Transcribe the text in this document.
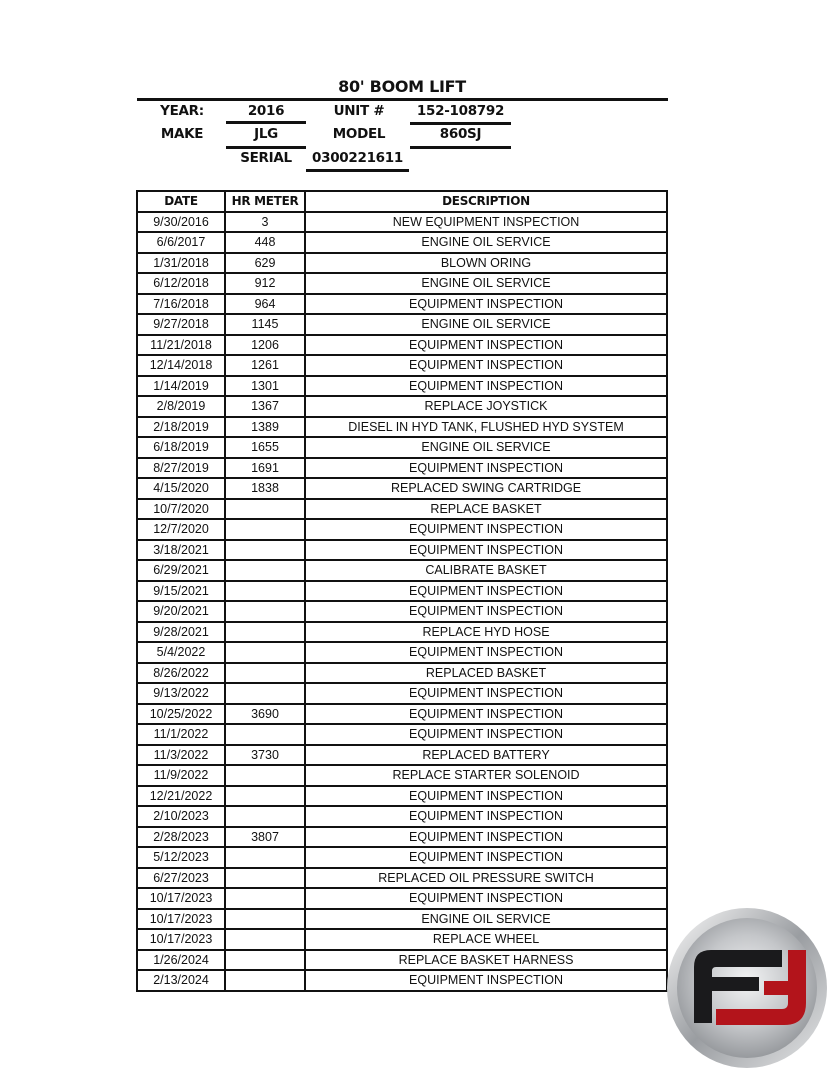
80' BOOM LIFT
YEAR:	2016	UNIT #	152-108792
MAKE	JLG	MODEL	860SJ
SERIAL	0300221611
DATE	HR METER	DESCRIPTION
9/30/2016	3	NEW EQUIPMENT INSPECTION
6/6/2017	448	ENGINE OIL SERVICE
1/31/2018	629	BLOWN ORING
6/12/2018	912	ENGINE OIL SERVICE
7/16/2018	964	EQUIPMENT INSPECTION
9/27/2018	1145	ENGINE OIL SERVICE
11/21/2018	1206	EQUIPMENT INSPECTION
12/14/2018	1261	EQUIPMENT INSPECTION
1/14/2019	1301	EQUIPMENT INSPECTION
2/8/2019	1367	REPLACE JOYSTICK
2/18/2019	1389	DIESEL IN HYD TANK, FLUSHED HYD SYSTEM
6/18/2019	1655	ENGINE OIL SERVICE
8/27/2019	1691	EQUIPMENT INSPECTION
4/15/2020	1838	REPLACED SWING CARTRIDGE
10/7/2020		REPLACE BASKET
12/7/2020		EQUIPMENT INSPECTION
3/18/2021		EQUIPMENT INSPECTION
6/29/2021		CALIBRATE BASKET
9/15/2021		EQUIPMENT INSPECTION
9/20/2021		EQUIPMENT INSPECTION
9/28/2021		REPLACE HYD HOSE
5/4/2022		EQUIPMENT INSPECTION
8/26/2022		REPLACED BASKET
9/13/2022		EQUIPMENT INSPECTION
10/25/2022	3690	EQUIPMENT INSPECTION
11/1/2022		EQUIPMENT INSPECTION
11/3/2022	3730	REPLACED BATTERY
11/9/2022		REPLACE STARTER SOLENOID
12/21/2022		EQUIPMENT INSPECTION
2/10/2023		EQUIPMENT INSPECTION
2/28/2023	3807	EQUIPMENT INSPECTION
5/12/2023		EQUIPMENT INSPECTION
6/27/2023		REPLACED OIL PRESSURE SWITCH
10/17/2023		EQUIPMENT INSPECTION
10/17/2023		ENGINE OIL SERVICE
10/17/2023		REPLACE WHEEL
1/26/2024		REPLACE BASKET HARNESS
2/13/2024		EQUIPMENT INSPECTION
